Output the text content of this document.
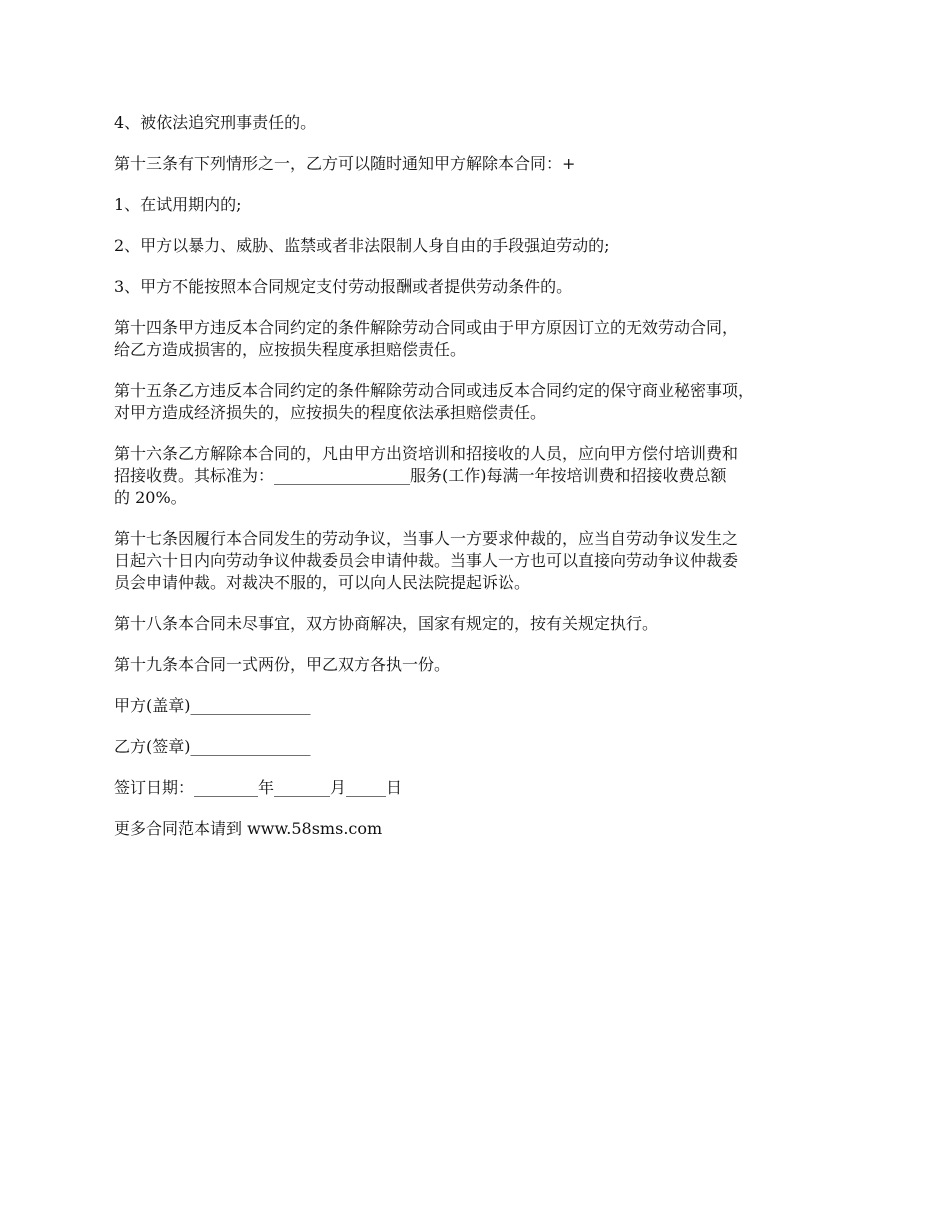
4、被依法追究刑事责任的。

第十三条有下列情形之一，乙方可以随时通知甲方解除本合同：+

1、在试用期内的;

2、甲方以暴力、威胁、监禁或者非法限制人身自由的手段强迫劳动的;

3、甲方不能按照本合同规定支付劳动报酬或者提供劳动条件的。

第十四条甲方违反本合同约定的条件解除劳动合同或由于甲方原因订立的无效劳动合同，
给乙方造成损害的，应按损失程度承担赔偿责任。

第十五条乙方违反本合同约定的条件解除劳动合同或违反本合同约定的保守商业秘密事项，
对甲方造成经济损失的，应按损失的程度依法承担赔偿责任。

第十六条乙方解除本合同的，凡由甲方出资培训和招接收的人员，应向甲方偿付培训费和
招接收费。其标准为：_________________服务(工作)每满一年按培训费和招接收费总额
的 20%。

第十七条因履行本合同发生的劳动争议，当事人一方要求仲裁的，应当自劳动争议发生之
日起六十日内向劳动争议仲裁委员会申请仲裁。当事人一方也可以直接向劳动争议仲裁委
员会申请仲裁。对裁决不服的，可以向人民法院提起诉讼。

第十八条本合同未尽事宜，双方协商解决，国家有规定的，按有关规定执行。

第十九条本合同一式两份，甲乙双方各执一份。

甲方(盖章)_______________

乙方(签章)_______________

签订日期：________年_______月_____日

更多合同范本请到 www.58sms.com
